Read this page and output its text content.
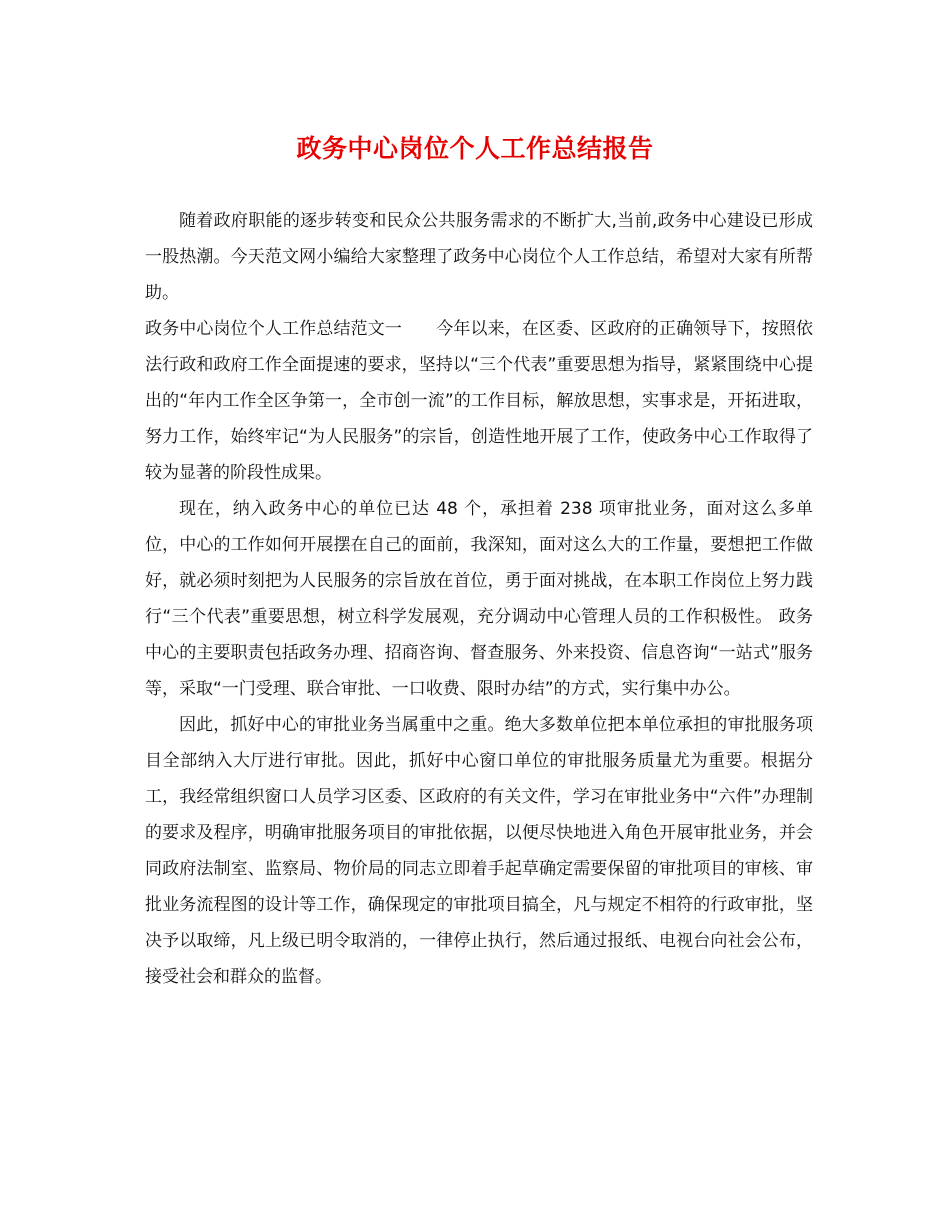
政务中心岗位个人工作总结报告

随着政府职能的逐步转变和民众公共服务需求的不断扩大,当前,政务中心建设已形成一股热潮。今天范文网小编给大家整理了政务中心岗位个人工作总结，希望对大家有所帮助。

政务中心岗位个人工作总结范文一　　今年以来，在区委、区政府的正确领导下，按照依法行政和政府工作全面提速的要求，坚持以“三个代表”重要思想为指导，紧紧围绕中心提出的“年内工作全区争第一，全市创一流”的工作目标，解放思想，实事求是，开拓进取，努力工作，始终牢记“为人民服务”的宗旨，创造性地开展了工作，使政务中心工作取得了较为显著的阶段性成果。

现在，纳入政务中心的单位已达 48 个，承担着 238 项审批业务，面对这么多单位，中心的工作如何开展摆在自己的面前，我深知，面对这么大的工作量，要想把工作做好，就必须时刻把为人民服务的宗旨放在首位，勇于面对挑战，在本职工作岗位上努力践行“三个代表”重要思想，树立科学发展观，充分调动中心管理人员的工作积极性。 政务中心的主要职责包括政务办理、招商咨询、督查服务、外来投资、信息咨询“一站式”服务等，采取“一门受理、联合审批、一口收费、限时办结”的方式，实行集中办公。

因此，抓好中心的审批业务当属重中之重。绝大多数单位把本单位承担的审批服务项目全部纳入大厅进行审批。因此，抓好中心窗口单位的审批服务质量尤为重要。根据分工，我经常组织窗口人员学习区委、区政府的有关文件，学习在审批业务中“六件”办理制的要求及程序，明确审批服务项目的审批依据，以便尽快地进入角色开展审批业务，并会同政府法制室、监察局、物价局的同志立即着手起草确定需要保留的审批项目的审核、审批业务流程图的设计等工作，确保现定的审批项目搞全，凡与规定不相符的行政审批，坚决予以取缔，凡上级已明令取消的，一律停止执行，然后通过报纸、电视台向社会公布，接受社会和群众的监督。
